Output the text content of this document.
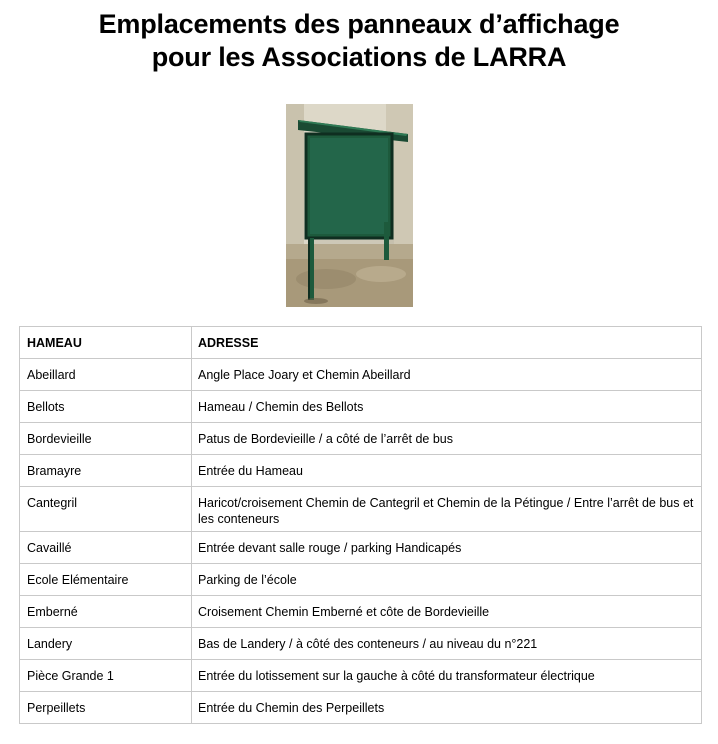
Emplacements des panneaux d’affichage
pour les Associations de LARRA
HAMEAU	ADRESSE
Abeillard	Angle Place Joary et Chemin Abeillard
Bellots	Hameau / Chemin des Bellots
Bordevieille	Patus de Bordevieille / a côté de l’arrêt de bus
Bramayre	Entrée du Hameau
Cantegril	Haricot/croisement Chemin de Cantegril et Chemin de la Pétingue / Entre l’arrêt de bus et les conteneurs
Cavaillé	Entrée devant salle rouge / parking Handicapés
Ecole Elémentaire	Parking de l’école
Emberné	Croisement Chemin Emberné et côte de Bordevieille
Landery	Bas de Landery / à côté des conteneurs / au niveau du n°221
Pièce Grande 1	Entrée du lotissement sur la gauche à côté du transformateur électrique
Perpeillets	Entrée du Chemin des Perpeillets
